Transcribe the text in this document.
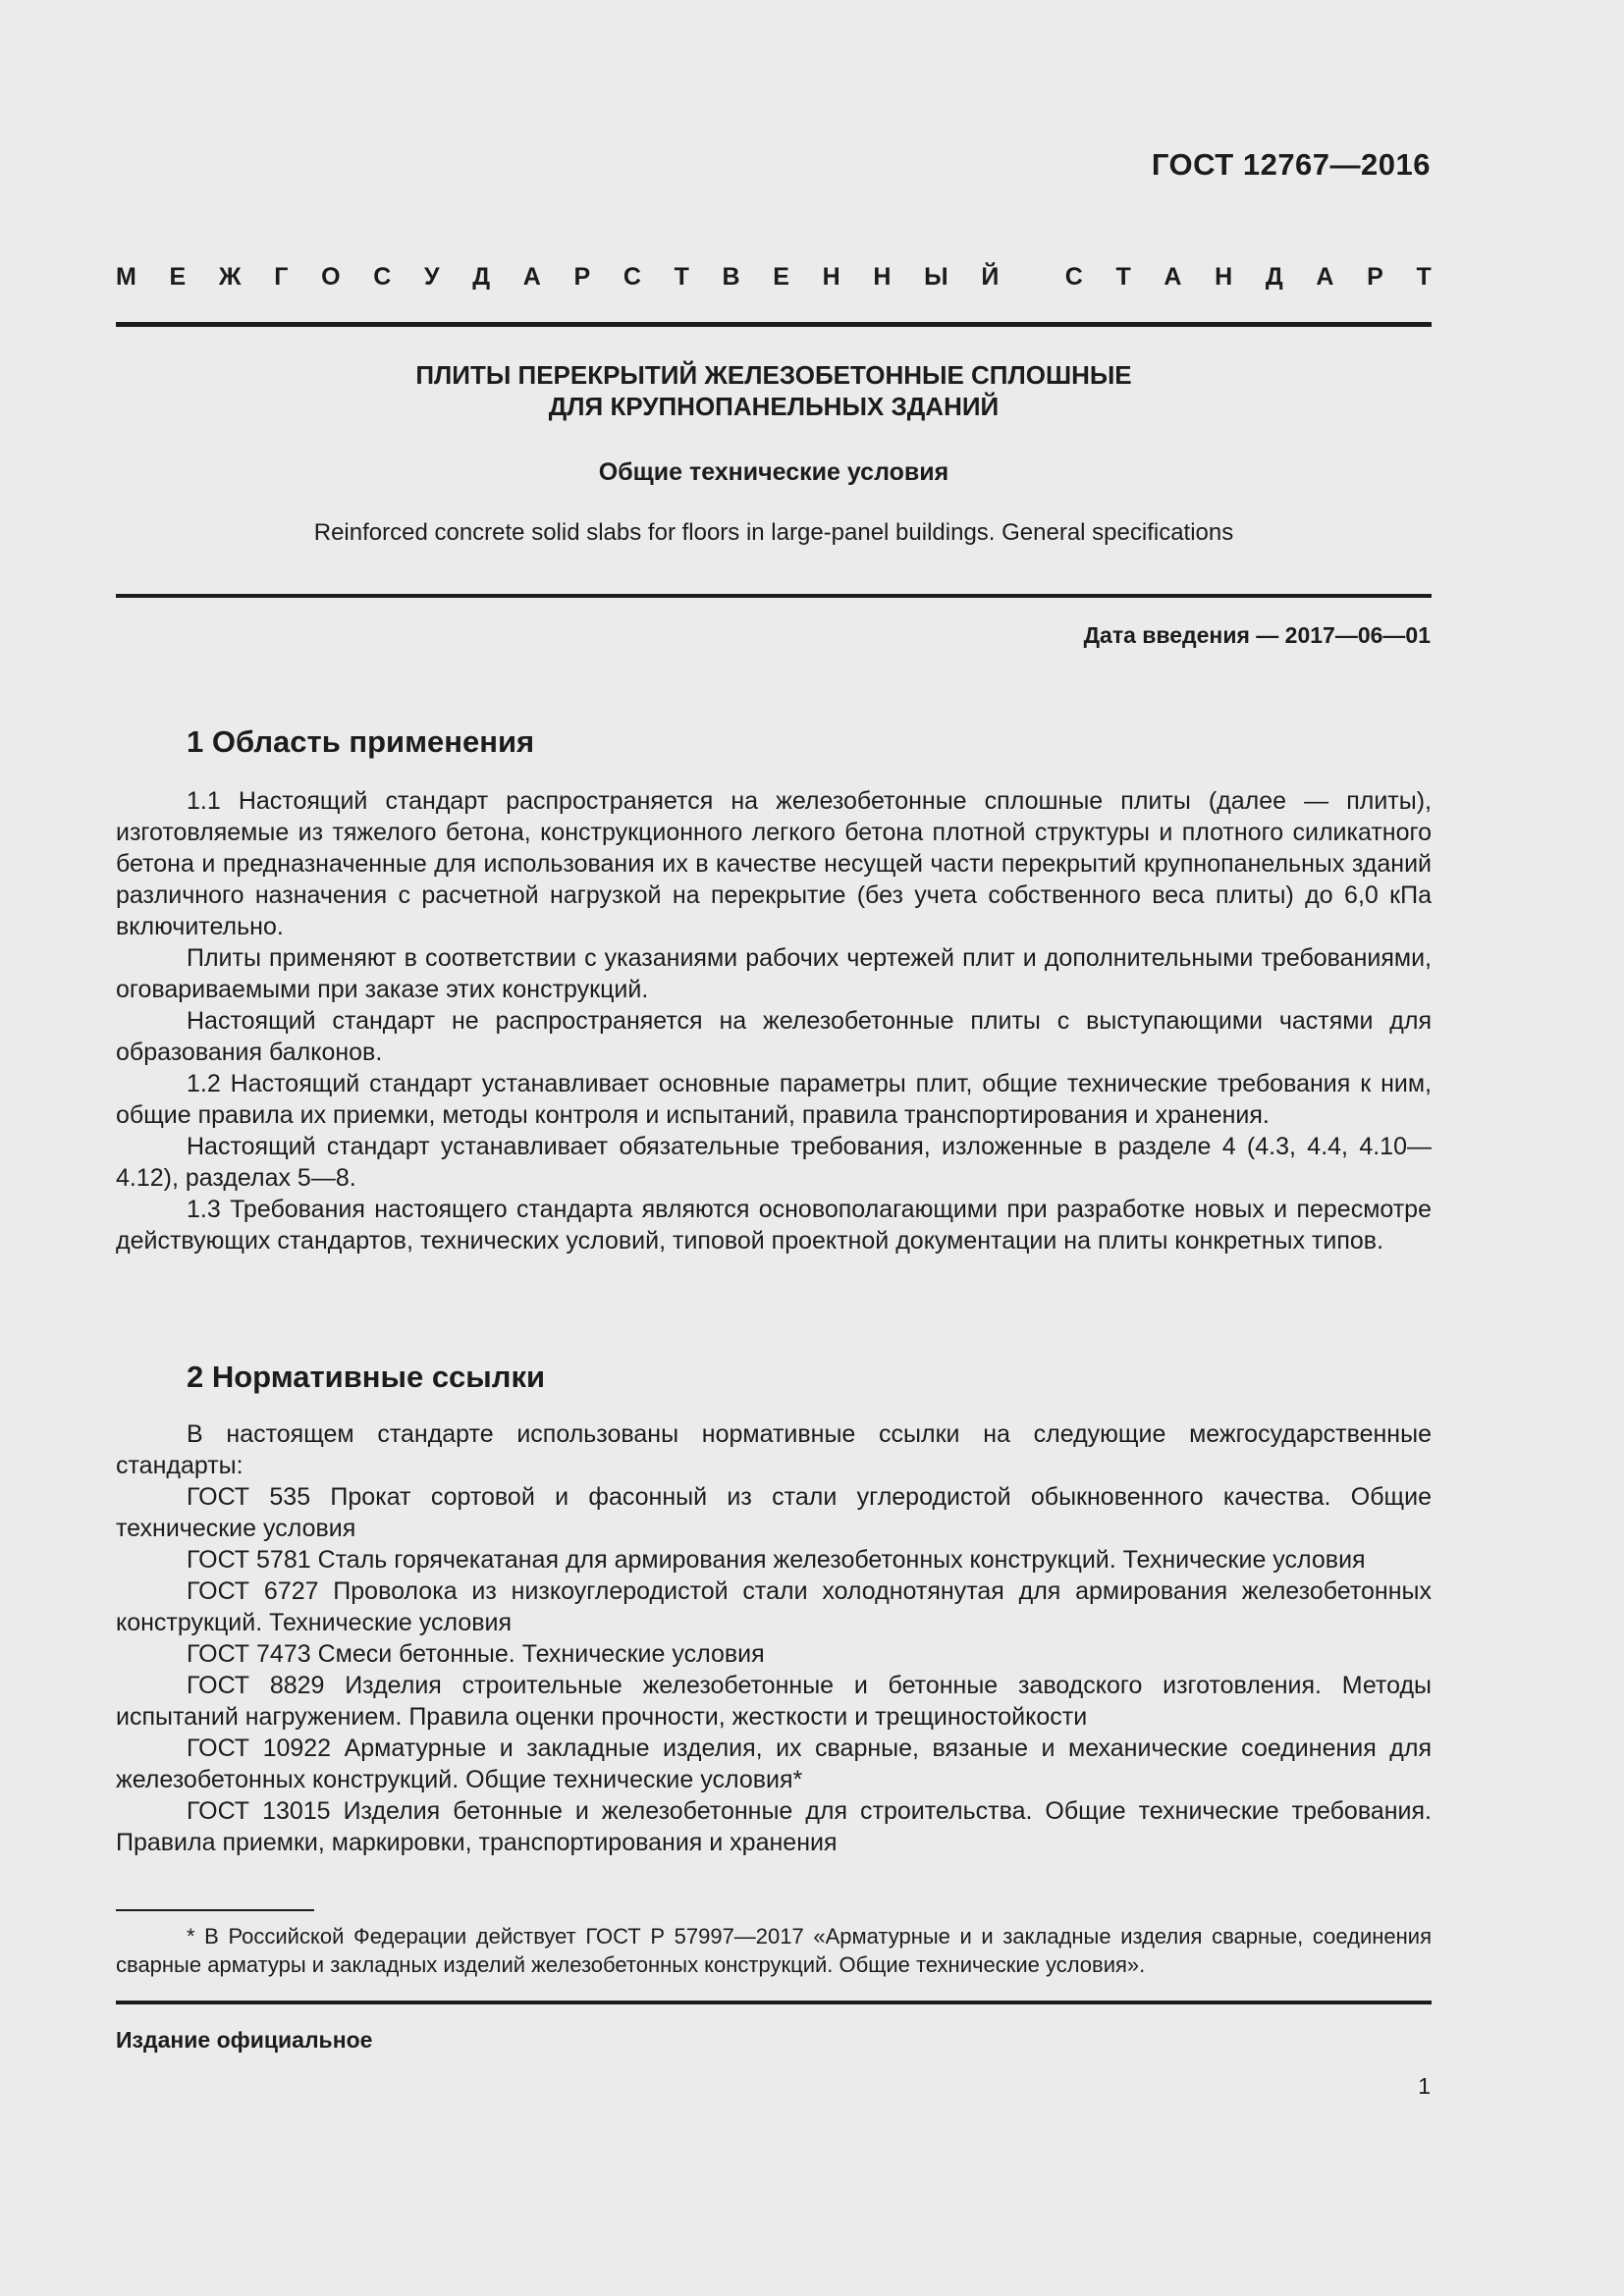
ГОСТ 12767—2016
М Е Ж Г О С У Д А Р С Т В Е Н Н Ы Й	С Т А Н Д А Р Т
ПЛИТЫ ПЕРЕКРЫТИЙ ЖЕЛЕЗОБЕТОННЫЕ СПЛОШНЫЕ
ДЛЯ КРУПНОПАНЕЛЬНЫХ ЗДАНИЙ
Общие технические условия
Reinforced concrete solid slabs for floors in large-panel buildings. General specifications
Дата введения — 2017—06—01
1 Область применения

1.1 Настоящий стандарт распространяется на железобетонные сплошные плиты (далее — плиты), изготовляемые из тяжелого бетона, конструкционного легкого бетона плотной структуры и плотного силикатного бетона и предназначенные для использования их в качестве несущей части перекрытий крупнопанельных зданий различного назначения с расчетной нагрузкой на перекрытие (без учета собственного веса плиты) до 6,0 кПа включительно.

Плиты применяют в соответствии с указаниями рабочих чертежей плит и дополнительными требованиями, оговариваемыми при заказе этих конструкций.

Настоящий стандарт не распространяется на железобетонные плиты с выступающими частями для образования балконов.

1.2 Настоящий стандарт устанавливает основные параметры плит, общие технические требования к ним, общие правила их приемки, методы контроля и испытаний, правила транспортирования и хранения.

Настоящий стандарт устанавливает обязательные требования, изложенные в разделе 4 (4.3, 4.4, 4.10—4.12), разделах 5—8.

1.3 Требования настоящего стандарта являются основополагающими при разработке новых и пересмотре действующих стандартов, технических условий, типовой проектной документации на плиты конкретных типов.

2 Нормативные ссылки

В настоящем стандарте использованы нормативные ссылки на следующие межгосударственные стандарты:

ГОСТ 535 Прокат сортовой и фасонный из стали углеродистой обыкновенного качества. Общие технические условия

ГОСТ 5781 Сталь горячекатаная для армирования железобетонных конструкций. Технические условия

ГОСТ 6727 Проволока из низкоуглеродистой стали холоднотянутая для армирования железобетонных конструкций. Технические условия

ГОСТ 7473 Смеси бетонные. Технические условия

ГОСТ 8829 Изделия строительные железобетонные и бетонные заводского изготовления. Методы испытаний нагружением. Правила оценки прочности, жесткости и трещиностойкости

ГОСТ 10922 Арматурные и закладные изделия, их сварные, вязаные и механические соединения для железобетонных конструкций. Общие технические условия*

ГОСТ 13015 Изделия бетонные и железобетонные для строительства. Общие технические требования. Правила приемки, маркировки, транспортирования и хранения

* В Российской Федерации действует ГОСТ Р 57997—2017 «Арматурные и и закладные изделия сварные, соединения сварные арматуры и закладных изделий железобетонных конструкций. Общие технические условия».

Издание официальное
1
